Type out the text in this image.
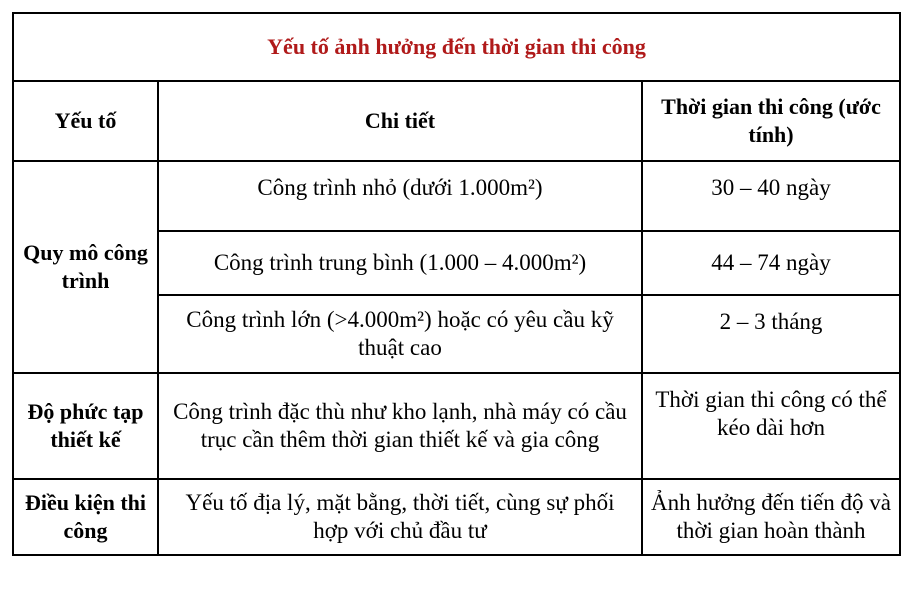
Yếu tố ảnh hưởng đến thời gian thi công		
Yếu tố	Chi tiết	Thời gian thi công (ước tính)
Quy mô công trình	Công trình nhỏ (dưới 1.000m²)	30 – 40 ngày
	Công trình trung bình (1.000 – 4.000m²)	44 – 74 ngày
	Công trình lớn (>4.000m²) hoặc có yêu cầu kỹ thuật cao	2 – 3 tháng
Độ phức tạp thiết kế	Công trình đặc thù như kho lạnh, nhà máy có cầu trục cần thêm thời gian thiết kế và gia công	Thời gian thi công có thể kéo dài hơn
Điều kiện thi công	Yếu tố địa lý, mặt bằng, thời tiết, cùng sự phối hợp với chủ đầu tư	Ảnh hưởng đến tiến độ và thời gian hoàn thành
